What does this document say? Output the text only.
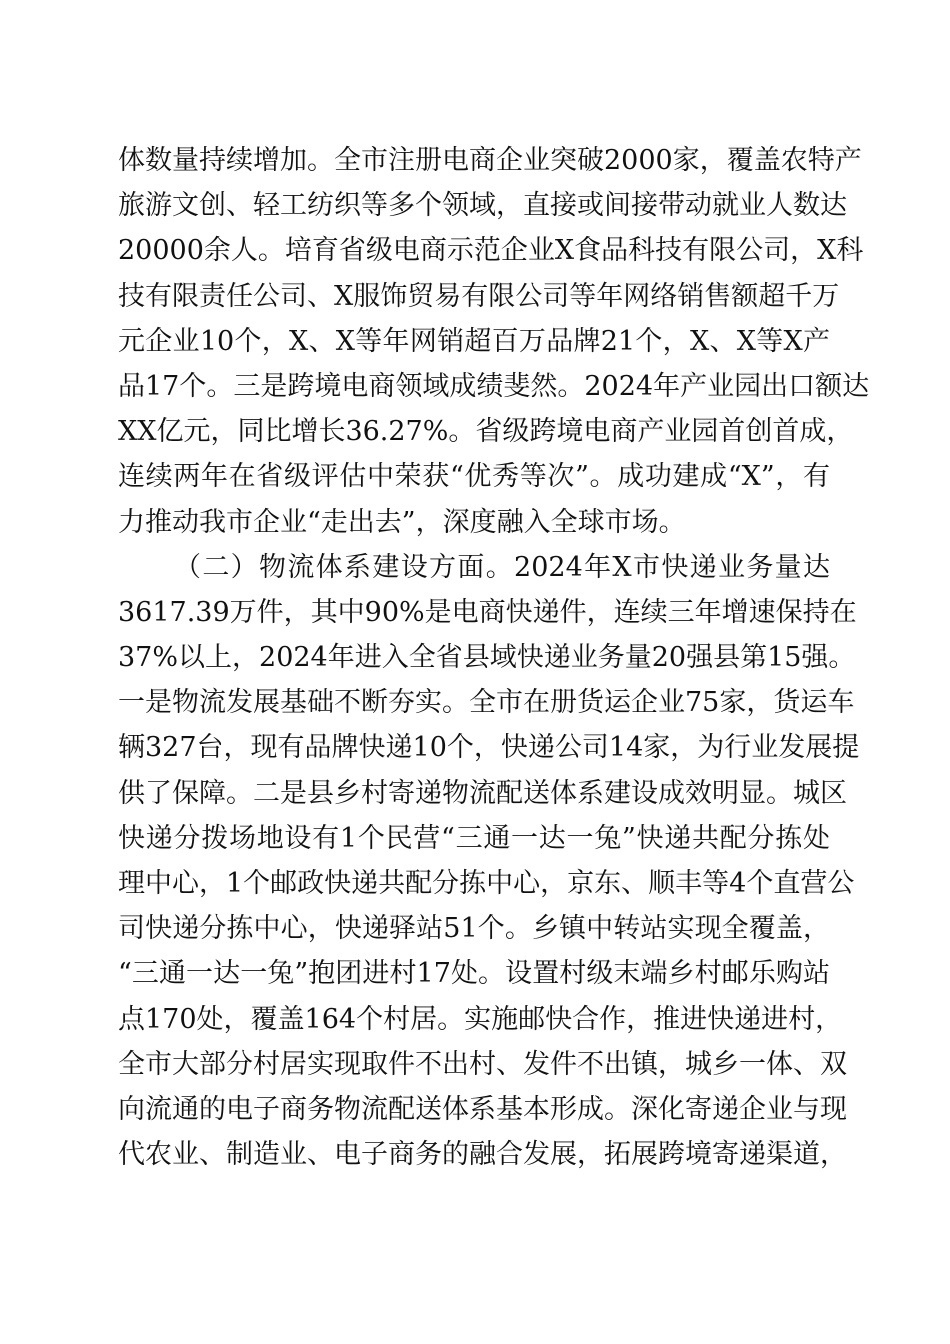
体数量持续增加。全市注册电商企业突破2000家，覆盖农特产
旅游文创、轻工纺织等多个领域，直接或间接带动就业人数达
20000余人。培育省级电商示范企业X食品科技有限公司，X科
技有限责任公司、X服饰贸易有限公司等年网络销售额超千万
元企业10个，X、X等年网销超百万品牌21个，X、X等X产
品17个。三是跨境电商领域成绩斐然。2024年产业园出口额达
XX亿元，同比增长36.27%。省级跨境电商产业园首创首成，
连续两年在省级评估中荣获“优秀等次”。成功建成“X”，有
力推动我市企业“走出去”，深度融入全球市场。
（二）物流体系建设方面。2024年X市快递业务量达
3617.39万件，其中90%是电商快递件，连续三年增速保持在
37%以上，2024年进入全省县域快递业务量20强县第15强。
一是物流发展基础不断夯实。全市在册货运企业75家，货运车
辆327台，现有品牌快递10个，快递公司14家，为行业发展提
供了保障。二是县乡村寄递物流配送体系建设成效明显。城区
快递分拨场地设有1个民营“三通一达一兔”快递共配分拣处
理中心，1个邮政快递共配分拣中心，京东、顺丰等4个直营公
司快递分拣中心，快递驿站51个。乡镇中转站实现全覆盖，
“三通一达一兔”抱团进村17处。设置村级末端乡村邮乐购站
点170处，覆盖164个村居。实施邮快合作，推进快递进村，
全市大部分村居实现取件不出村、发件不出镇，城乡一体、双
向流通的电子商务物流配送体系基本形成。深化寄递企业与现
代农业、制造业、电子商务的融合发展，拓展跨境寄递渠道，
